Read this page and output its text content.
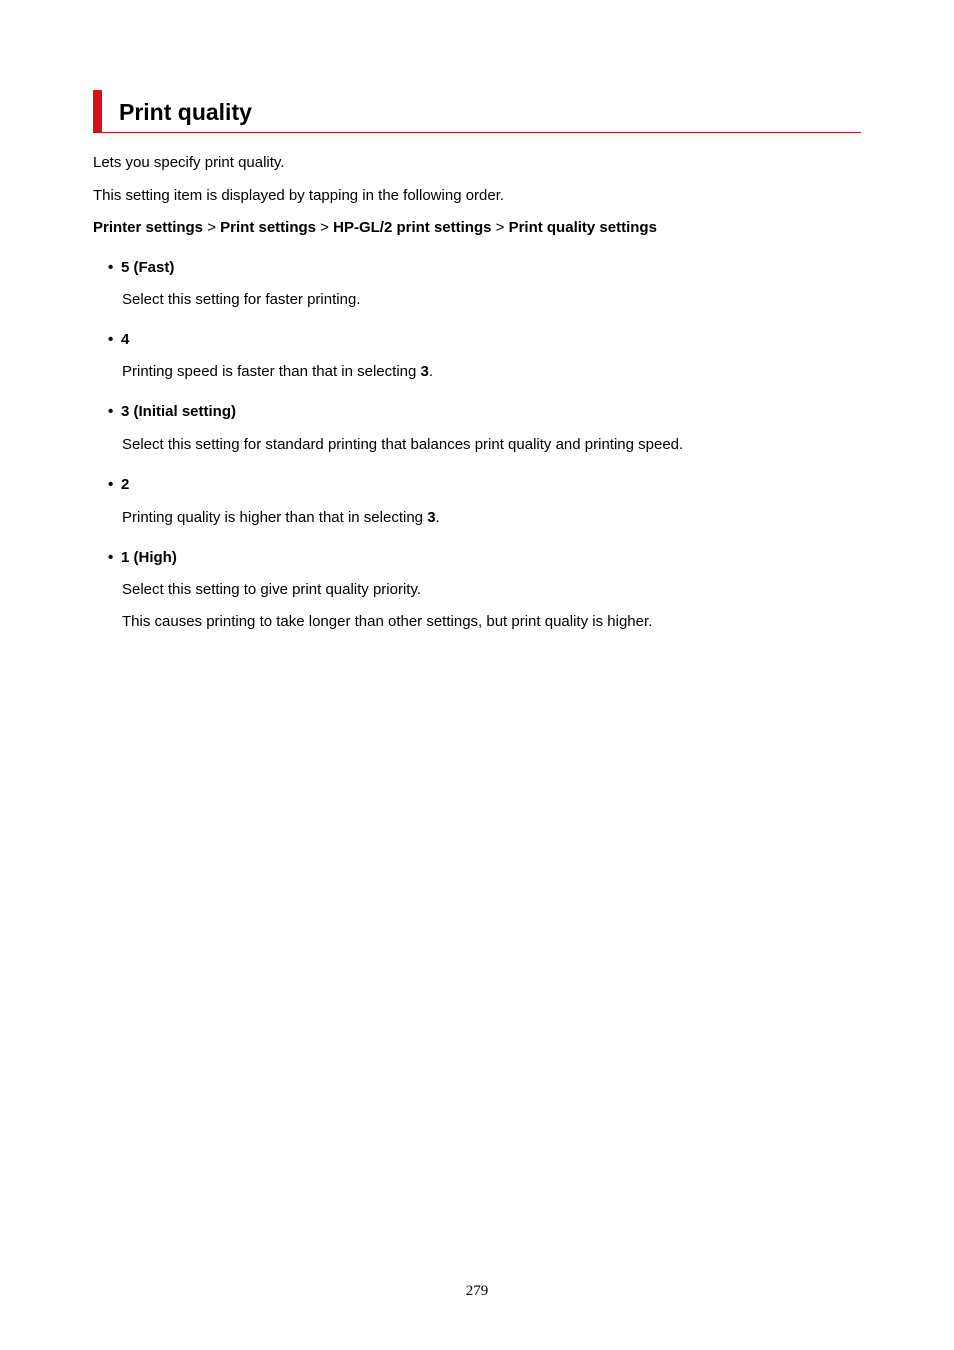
Print quality
Lets you specify print quality.
This setting item is displayed by tapping in the following order.
Printer settings > Print settings > HP-GL/2 print settings > Print quality settings
• 5 (Fast)
Select this setting for faster printing.
• 4
Printing speed is faster than that in selecting 3.
• 3 (Initial setting)
Select this setting for standard printing that balances print quality and printing speed.
• 2
Printing quality is higher than that in selecting 3.
• 1 (High)
Select this setting to give print quality priority.
This causes printing to take longer than other settings, but print quality is higher.
279
